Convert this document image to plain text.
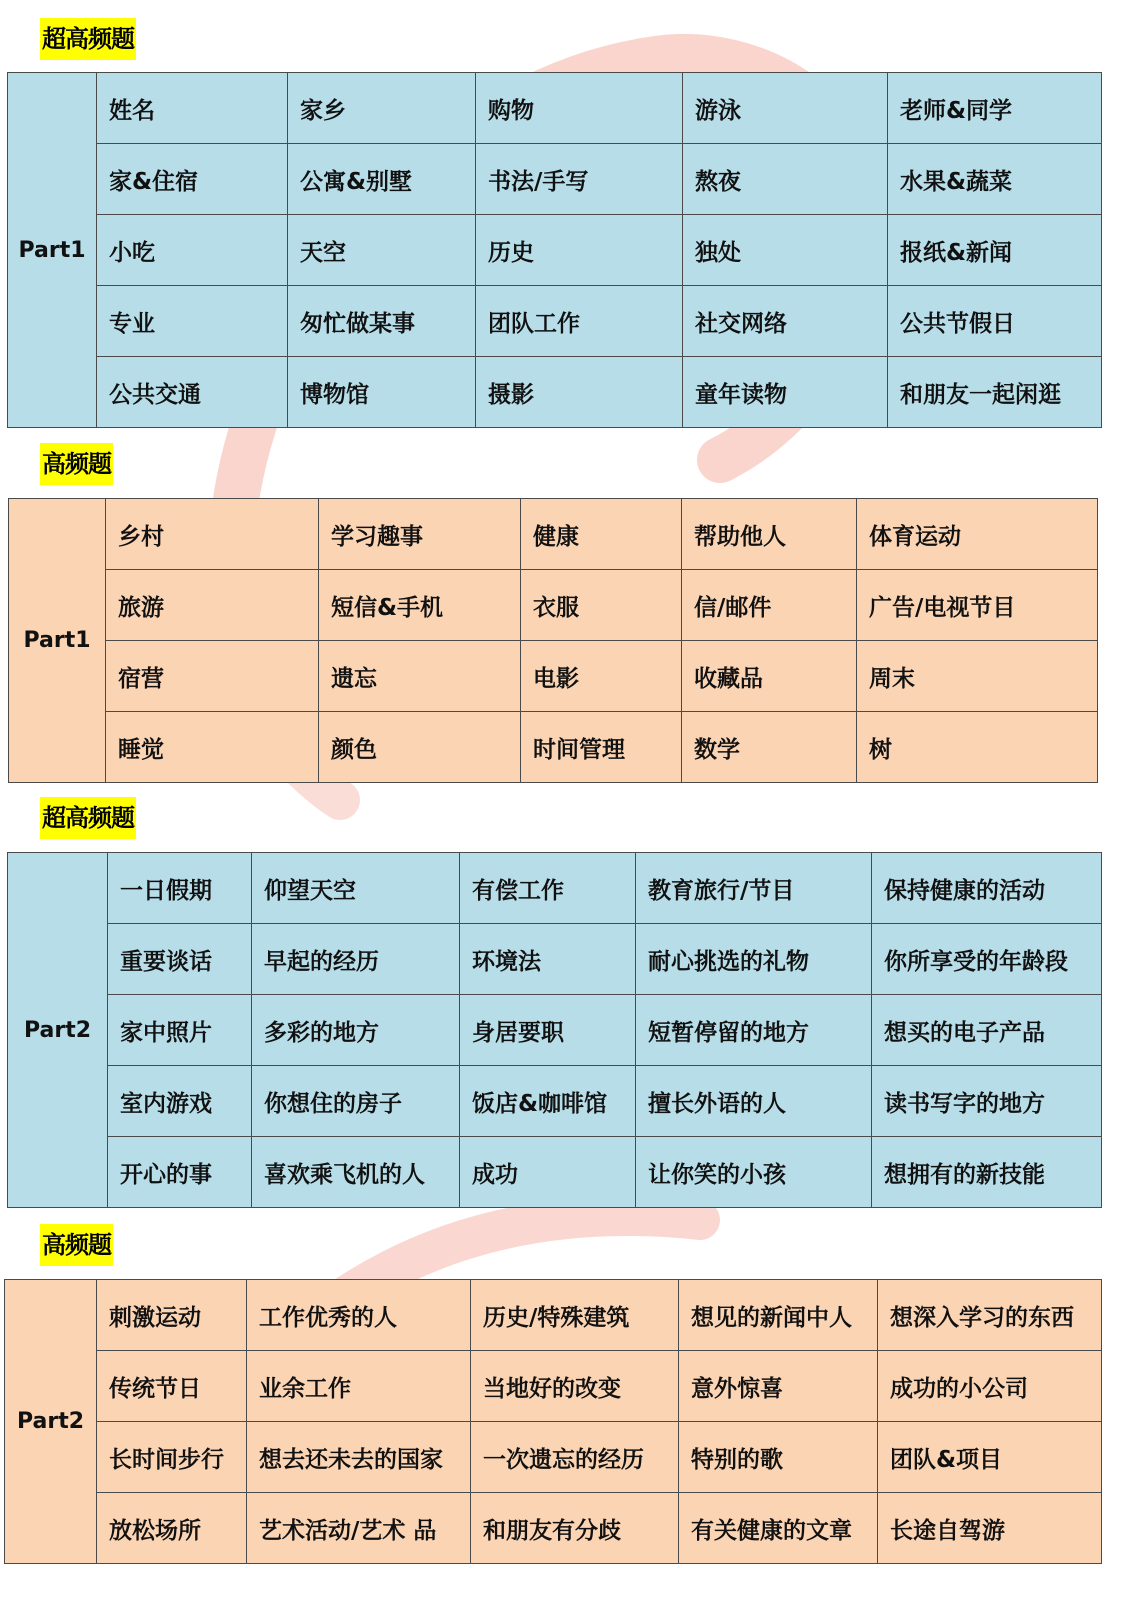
超高频题
Part1	姓名	家乡	购物	游泳	老师&同学
	家&住宿	公寓&别墅	书法/手写	熬夜	水果&蔬菜
	小吃	天空	历史	独处	报纸&新闻
	专业	匆忙做某事	团队工作	社交网络	公共节假日
	公共交通	博物馆	摄影	童年读物	和朋友一起闲逛
高频题
Part1	乡村	学习趣事	健康	帮助他人	体育运动
	旅游	短信&手机	衣服	信/邮件	广告/电视节目
	宿营	遗忘	电影	收藏品	周末
	睡觉	颜色	时间管理	数学	树
超高频题
Part2	一日假期	仰望天空	有偿工作	教育旅行/节目	保持健康的活动
	重要谈话	早起的经历	环境法	耐心挑选的礼物	你所享受的年龄段
	家中照片	多彩的地方	身居要职	短暂停留的地方	想买的电子产品
	室内游戏	你想住的房子	饭店&咖啡馆	擅长外语的人	读书写字的地方
	开心的事	喜欢乘飞机的人	成功	让你笑的小孩	想拥有的新技能
高频题
Part2	刺激运动	工作优秀的人	历史/特殊建筑	想见的新闻中人	想深入学习的东西
	传统节日	业余工作	当地好的改变	意外惊喜	成功的小公司
	长时间步行	想去还未去的国家	一次遗忘的经历	特别的歌	团队&项目
	放松场所	艺术活动/艺术 品	和朋友有分歧	有关健康的文章	长途自驾游
